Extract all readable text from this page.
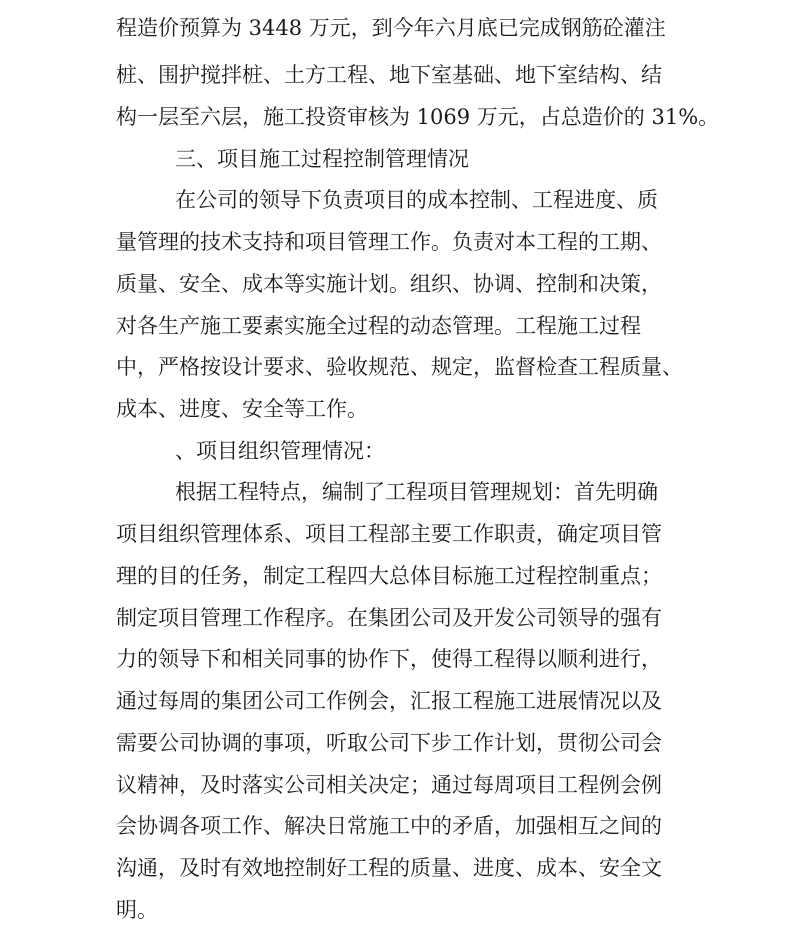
程造价预算为 3448 万元，到今年六月底已完成钢筋砼灌注
桩、围护搅拌桩、土方工程、地下室基础、地下室结构、结
构一层至六层，施工投资审核为 1069 万元，占总造价的 31%。
三、项目施工过程控制管理情况
在公司的领导下负责项目的成本控制、工程进度、质
量管理的技术支持和项目管理工作。负责对本工程的工期、
质量、安全、成本等实施计划。组织、协调、控制和决策，
对各生产施工要素实施全过程的动态管理。工程施工过程
中，严格按设计要求、验收规范、规定，监督检查工程质量、
成本、进度、安全等工作。
、项目组织管理情况：
根据工程特点，编制了工程项目管理规划：首先明确
项目组织管理体系、项目工程部主要工作职责，确定项目管
理的目的任务，制定工程四大总体目标施工过程控制重点；
制定项目管理工作程序。在集团公司及开发公司领导的强有
力的领导下和相关同事的协作下，使得工程得以顺利进行，
通过每周的集团公司工作例会，汇报工程施工进展情况以及
需要公司协调的事项，听取公司下步工作计划，贯彻公司会
议精神，及时落实公司相关决定；通过每周项目工程例会例
会协调各项工作、解决日常施工中的矛盾，加强相互之间的
沟通，及时有效地控制好工程的质量、进度、成本、安全文
明。
